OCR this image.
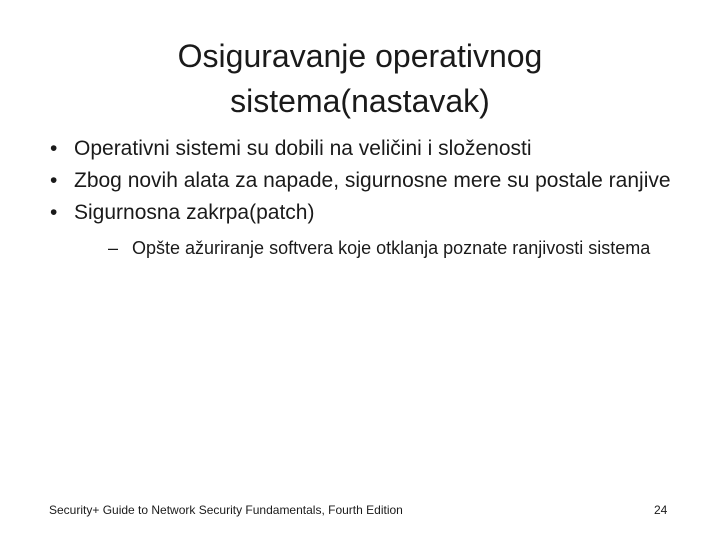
Osiguravanje operativnog
sistema(nastavak)
• Operativni sistemi su dobili na veličini i složenosti
• Zbog novih alata za napade, sigurnosne mere su postale ranjive
• Sigurnosna zakrpa(patch)
– Opšte ažuriranje softvera koje otklanja poznate ranjivosti sistema
Security+ Guide to Network Security Fundamentals, Fourth Edition	24
